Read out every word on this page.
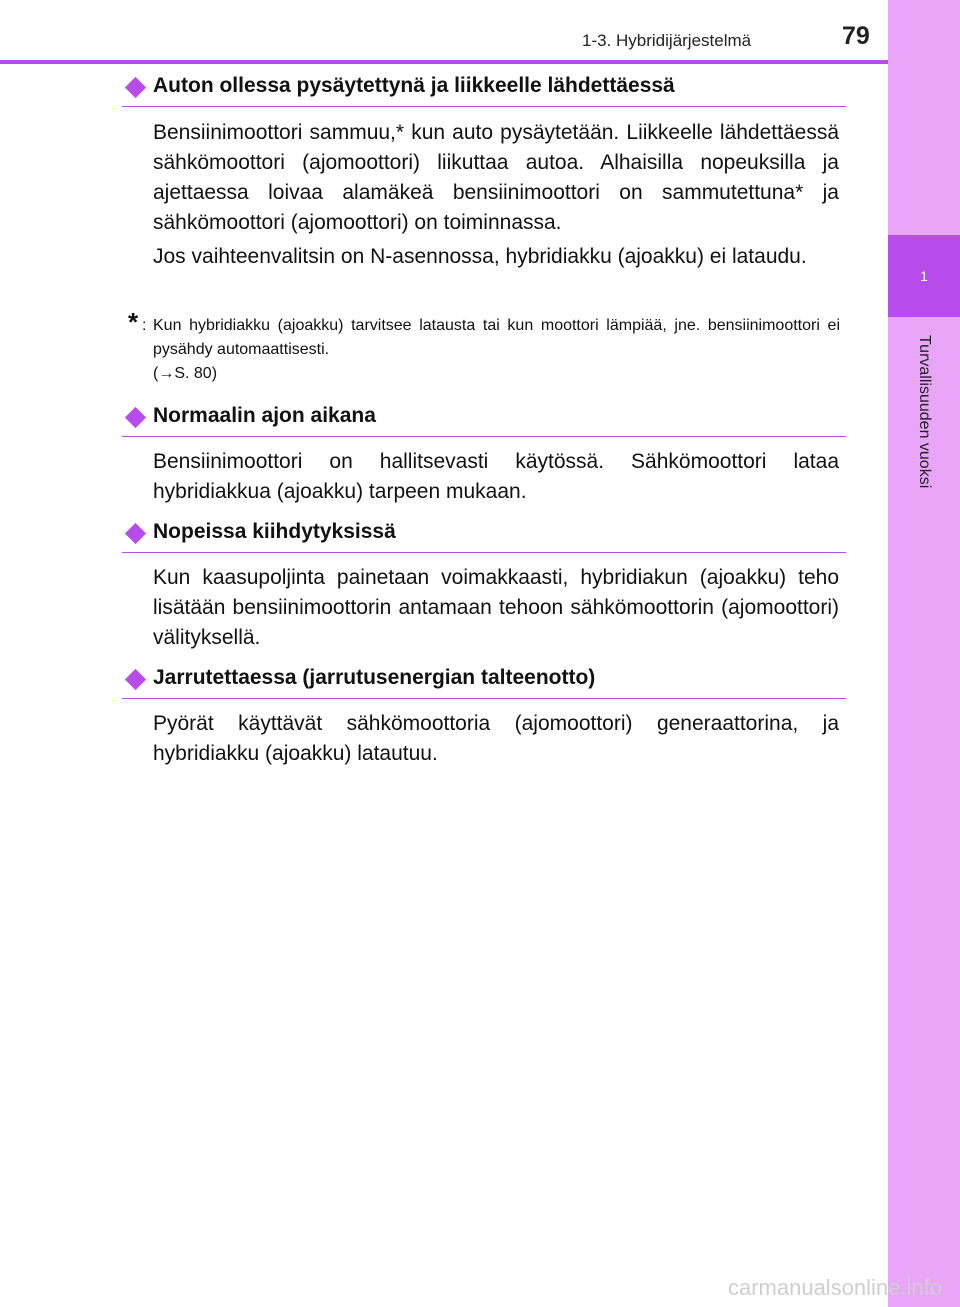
1
Turvallisuuden vuoksi
1-3. Hybridijärjestelmä	79
Auton ollessa pysäytettynä ja liikkeelle lähdettäessä

Bensiinimoottori sammuu,* kun auto pysäytetään. Liikkeelle lähdettäessä sähkömoottori (ajomoottori) liikuttaa autoa. Alhaisilla nopeuksilla ja ajettaessa loivaa alamäkeä bensiinimoottori on sammutettuna* ja sähkömoottori (ajomoottori) on toiminnassa.

Jos vaihteenvalitsin on N-asennossa, hybridiakku (ajoakku) ei lataudu.

* : Kun hybridiakku (ajoakku) tarvitsee latausta tai kun moottori lämpiää, jne. bensiinimoottori ei pysähdy automaattisesti.
(→S. 80)
Normaalin ajon aikana

Bensiinimoottori on hallitsevasti käytössä. Sähkömoottori lataa hybridiakkua (ajoakku) tarpeen mukaan.

Nopeissa kiihdytyksissä

Kun kaasupoljinta painetaan voimakkaasti, hybridiakun (ajoakku) teho lisätään bensiinimoottorin antamaan tehoon sähkömoottorin (ajomoottori) välityksellä.

Jarrutettaessa (jarrutusenergian talteenotto)

Pyörät käyttävät sähkömoottoria (ajomoottori) generaattorina, ja hybridiakku (ajoakku) latautuu.

carmanualsonline.info
